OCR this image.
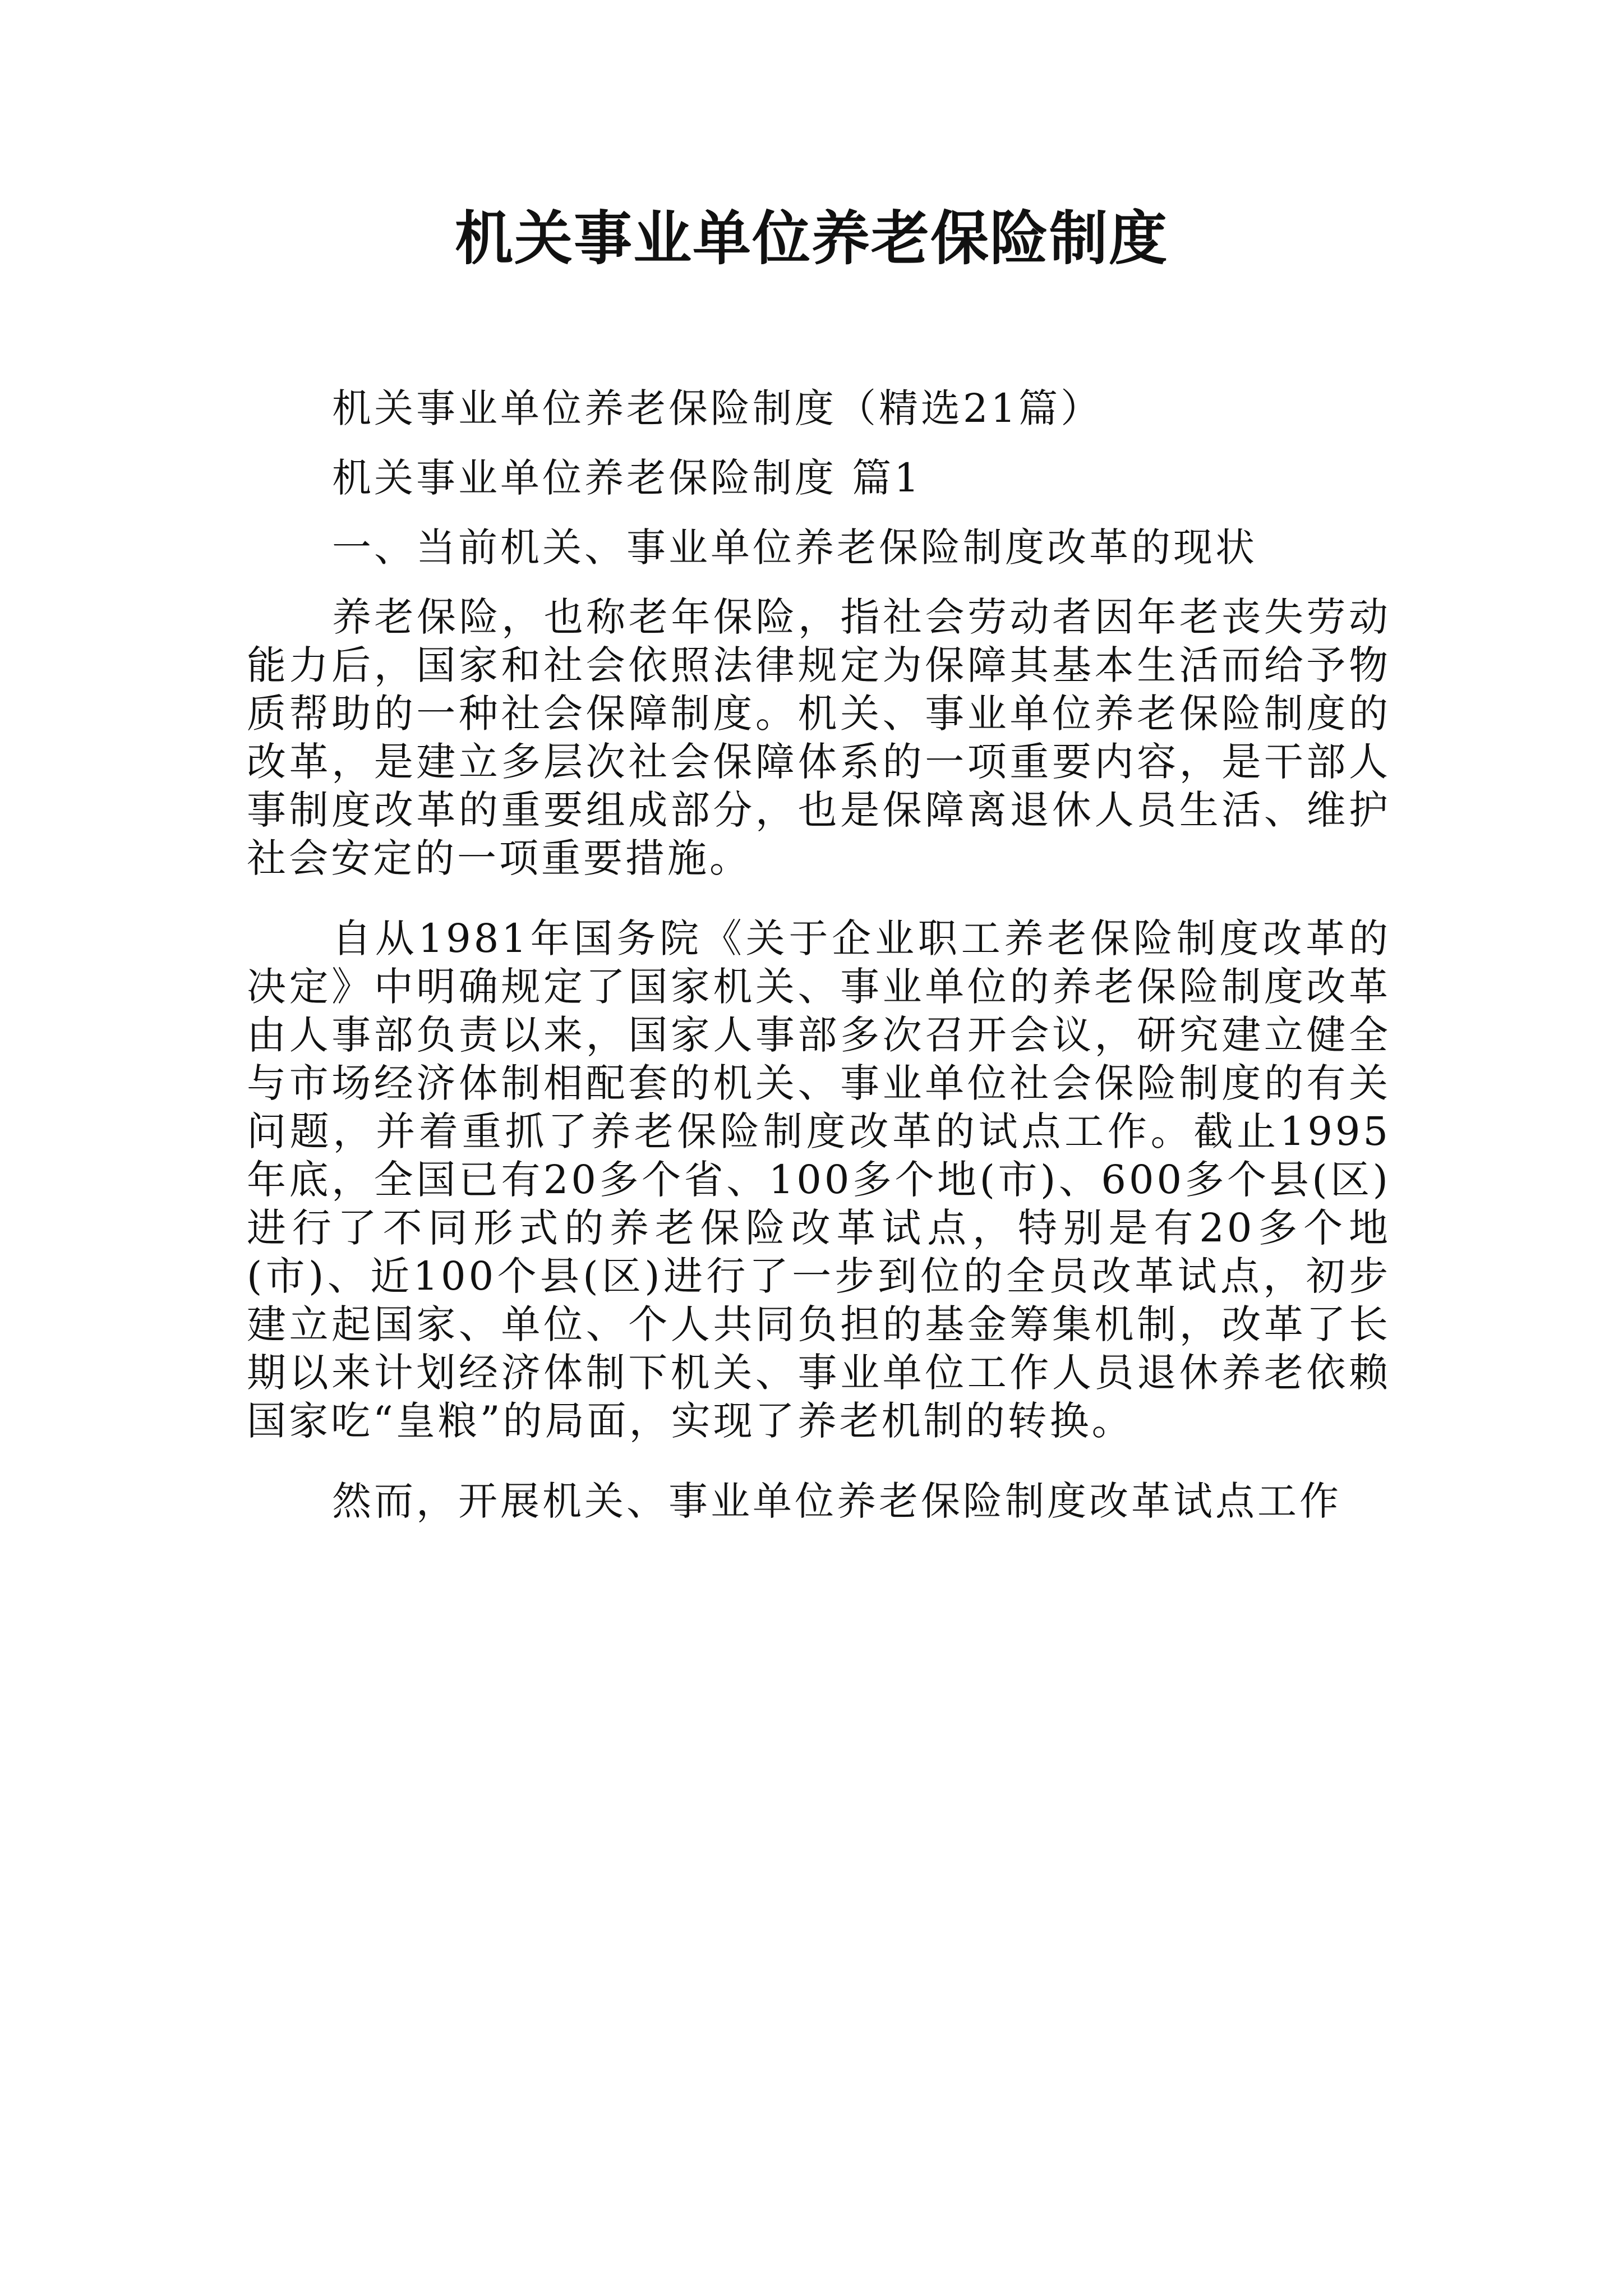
机关事业单位养老保险制度

机关事业单位养老保险制度（精选21篇）

机关事业单位养老保险制度 篇1

一、当前机关、事业单位养老保险制度改革的现状

养老保险，也称老年保险，指社会劳动者因年老丧失劳动能力后，国家和社会依照法律规定为保障其基本生活而给予物质帮助的一种社会保障制度。机关、事业单位养老保险制度的改革，是建立多层次社会保障体系的一项重要内容，是干部人事制度改革的重要组成部分，也是保障离退休人员生活、维护社会安定的一项重要措施。

自从1981年国务院《关于企业职工养老保险制度改革的决定》中明确规定了国家机关、事业单位的养老保险制度改革由人事部负责以来，国家人事部多次召开会议，研究建立健全与市场经济体制相配套的机关、事业单位社会保险制度的有关问题，并着重抓了养老保险制度改革的试点工作。截止1995年底，全国已有20多个省、100多个地(市)、600多个县(区)进行了不同形式的养老保险改革试点，特别是有20多个地(市)、近100个县(区)进行了一步到位的全员改革试点，初步建立起国家、单位、个人共同负担的基金筹集机制，改革了长期以来计划经济体制下机关、事业单位工作人员退休养老依赖国家吃“皇粮”的局面，实现了养老机制的转换。

然而，开展机关、事业单位养老保险制度改革试点工作
